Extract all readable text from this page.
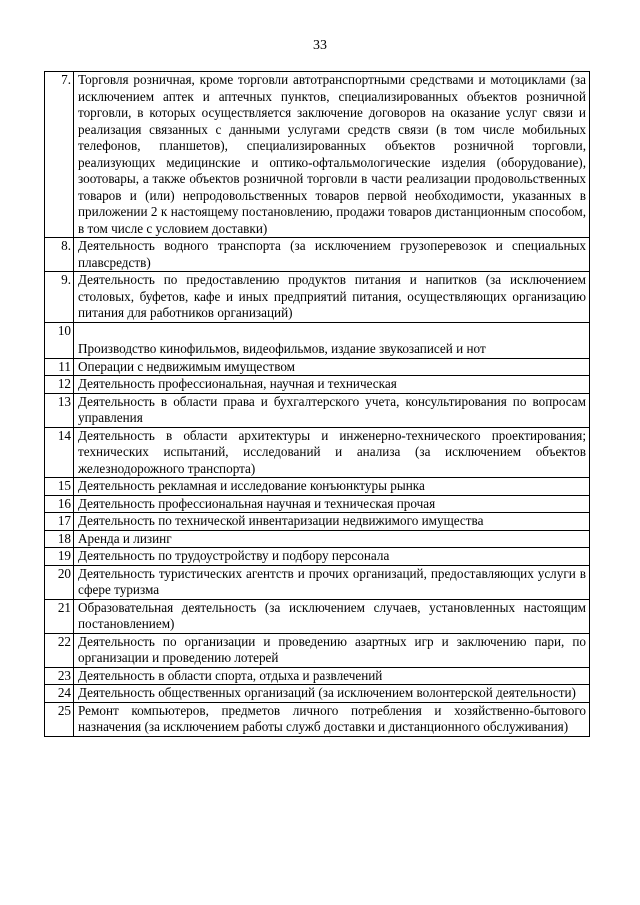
33
7.	Торговля розничная, кроме торговли автотранспортными средствами и мотоциклами (за исключением аптек и аптечных пунктов, специализированных объектов розничной торговли, в которых осуществляется заключение договоров на оказание услуг связи и реализация связанных с данными услугами средств связи (в том числе мобильных телефонов, планшетов), специализированных объектов розничной торговли, реализующих медицинские и оптико-офтальмологические изделия (оборудование), зоотовары, а также объектов розничной торговли в части реализации продовольственных товаров и (или) непродовольственных товаров первой необходимости, указанных в приложении 2 к настоящему постановлению, продажи товаров дистанционным способом, в том числе с условием доставки)
8.	Деятельность водного транспорта (за исключением грузоперевозок и специальных плавсредств)
9.	Деятельность по предоставлению продуктов питания и напитков (за исключением столовых, буфетов, кафе и иных предприятий питания, осуществляющих организацию питания для работников организаций)
10	Производство кинофильмов, видеофильмов, издание звукозаписей и нот
11	Операции с недвижимым имуществом
12	Деятельность профессиональная, научная и техническая
13	Деятельность в области права и бухгалтерского учета, консультирования по вопросам управления
14	Деятельность в области архитектуры и инженерно-технического проектирования; технических испытаний, исследований и анализа (за исключением объектов железнодорожного транспорта)
15	Деятельность рекламная и исследование конъюнктуры рынка
16	Деятельность профессиональная научная и техническая прочая
17	Деятельность по технической инвентаризации недвижимого имущества
18	Аренда и лизинг
19	Деятельность по трудоустройству и подбору персонала
20	Деятельность туристических агентств и прочих организаций, предоставляющих услуги в сфере туризма
21	Образовательная деятельность (за исключением случаев, установленных настоящим постановлением)
22	Деятельность по организации и проведению азартных игр и заключению пари, по организации и проведению лотерей
23	Деятельность в области спорта, отдыха и развлечений
24	Деятельность общественных организаций (за исключением волонтерской деятельности)
25	Ремонт компьютеров, предметов личного потребления и хозяйственно-бытового назначения (за исключением работы служб доставки и дистанционного обслуживания)
